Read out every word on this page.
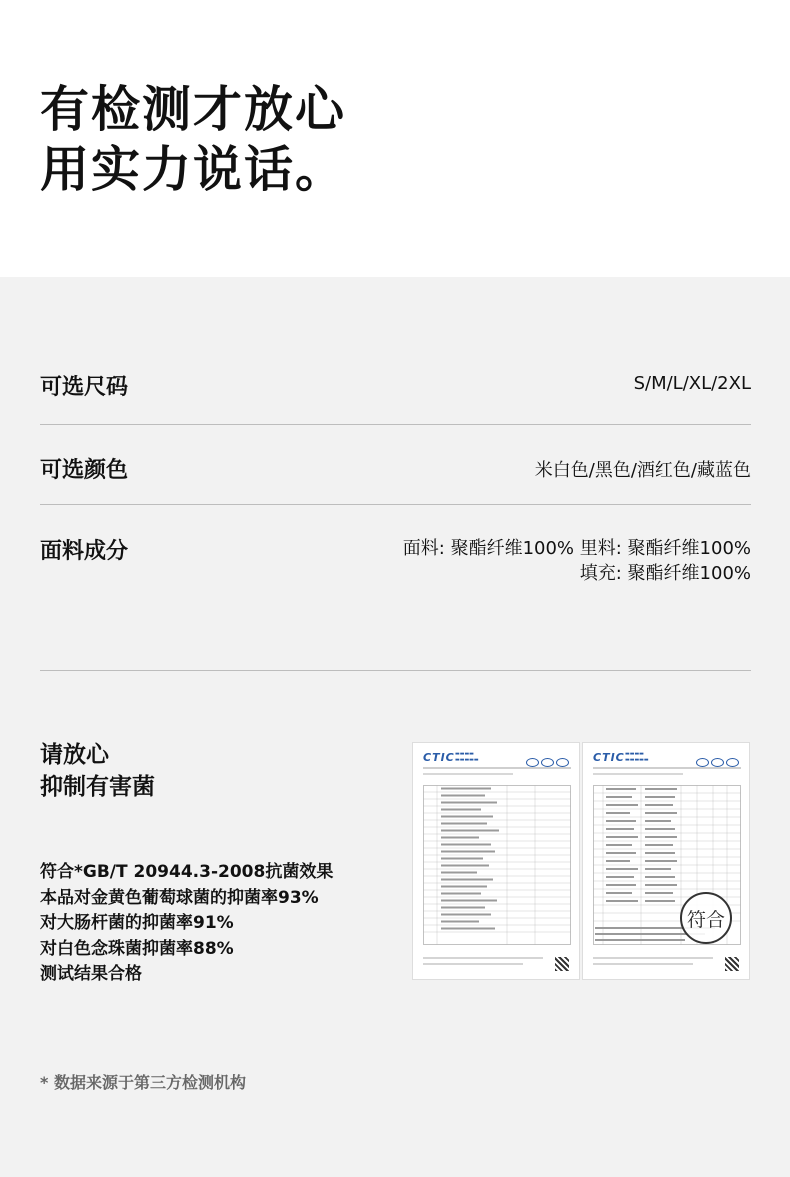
有检测才放心
用实力说话。
可选尺码	S/M/L/XL/2XL
可选颜色	米白色/黑色/酒红色/藏蓝色
面料成分	面料: 聚酯纤维100% 里料: 聚酯纤维100%
填充: 聚酯纤维100%
请放心
抑制有害菌
符合*GB/T 20944.3-2008抗菌效果
本品对金黄色葡萄球菌的抑菌率93%
对大肠杆菌的抑菌率91%
对白色念珠菌抑菌率88%
测试结果合格
CTIC ▬▬▬▬
▬▬▬▬▬	CTIC ▬▬▬▬
▬▬▬▬▬
符合
* 数据来源于第三方检测机构
